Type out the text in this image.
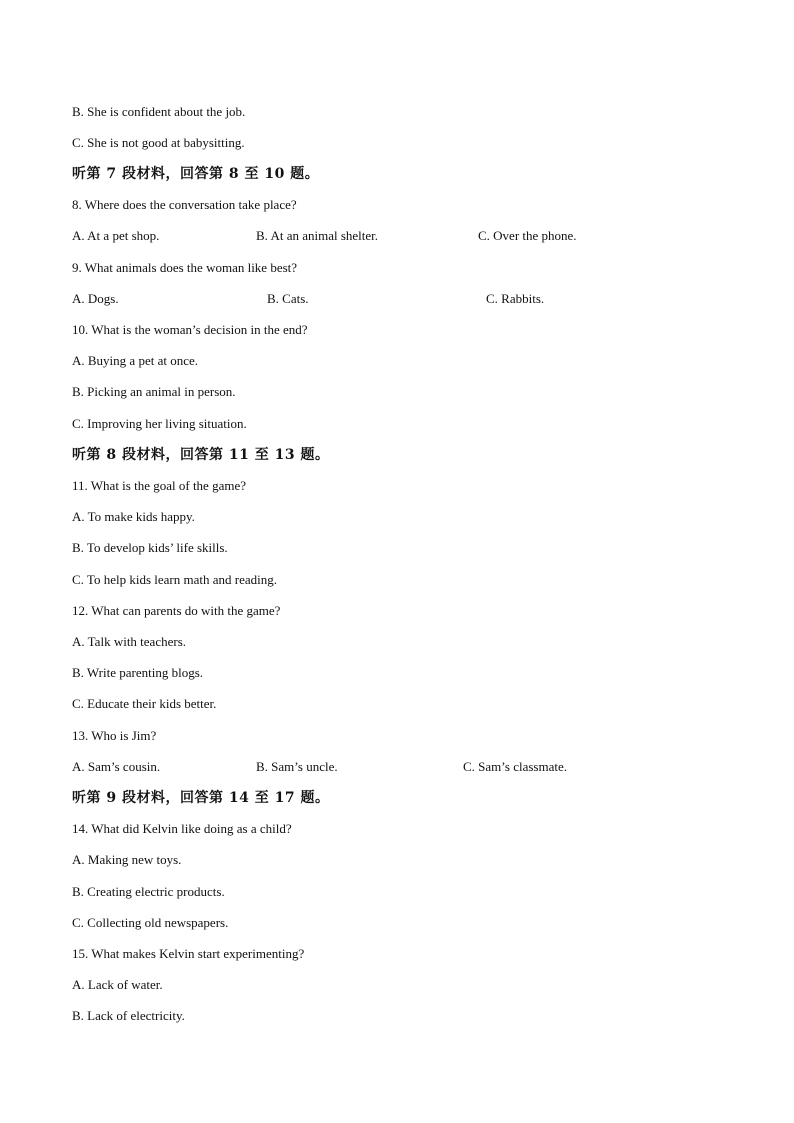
B. She is confident about the job.
C. She is not good at babysitting.
听第 7 段材料，回答第 8 至 10 题。
8. Where does the conversation take place?
A. At a pet shop.	B. At an animal shelter.	C. Over the phone.
9. What animals does the woman like best?
A. Dogs.	B. Cats.	C. Rabbits.
10. What is the woman’s decision in the end?
A. Buying a pet at once.
B. Picking an animal in person.
C. Improving her living situation.
听第 8 段材料，回答第 11 至 13 题。
11. What is the goal of the game?
A. To make kids happy.
B. To develop kids’ life skills.
C. To help kids learn math and reading.
12. What can parents do with the game?
A. Talk with teachers.
B. Write parenting blogs.
C. Educate their kids better.
13. Who is Jim?
A. Sam’s cousin.	B. Sam’s uncle.	C. Sam’s classmate.
听第 9 段材料，回答第 14 至 17 题。
14. What did Kelvin like doing as a child?
A. Making new toys.
B. Creating electric products.
C. Collecting old newspapers.
15. What makes Kelvin start experimenting?
A. Lack of water.
B. Lack of electricity.
